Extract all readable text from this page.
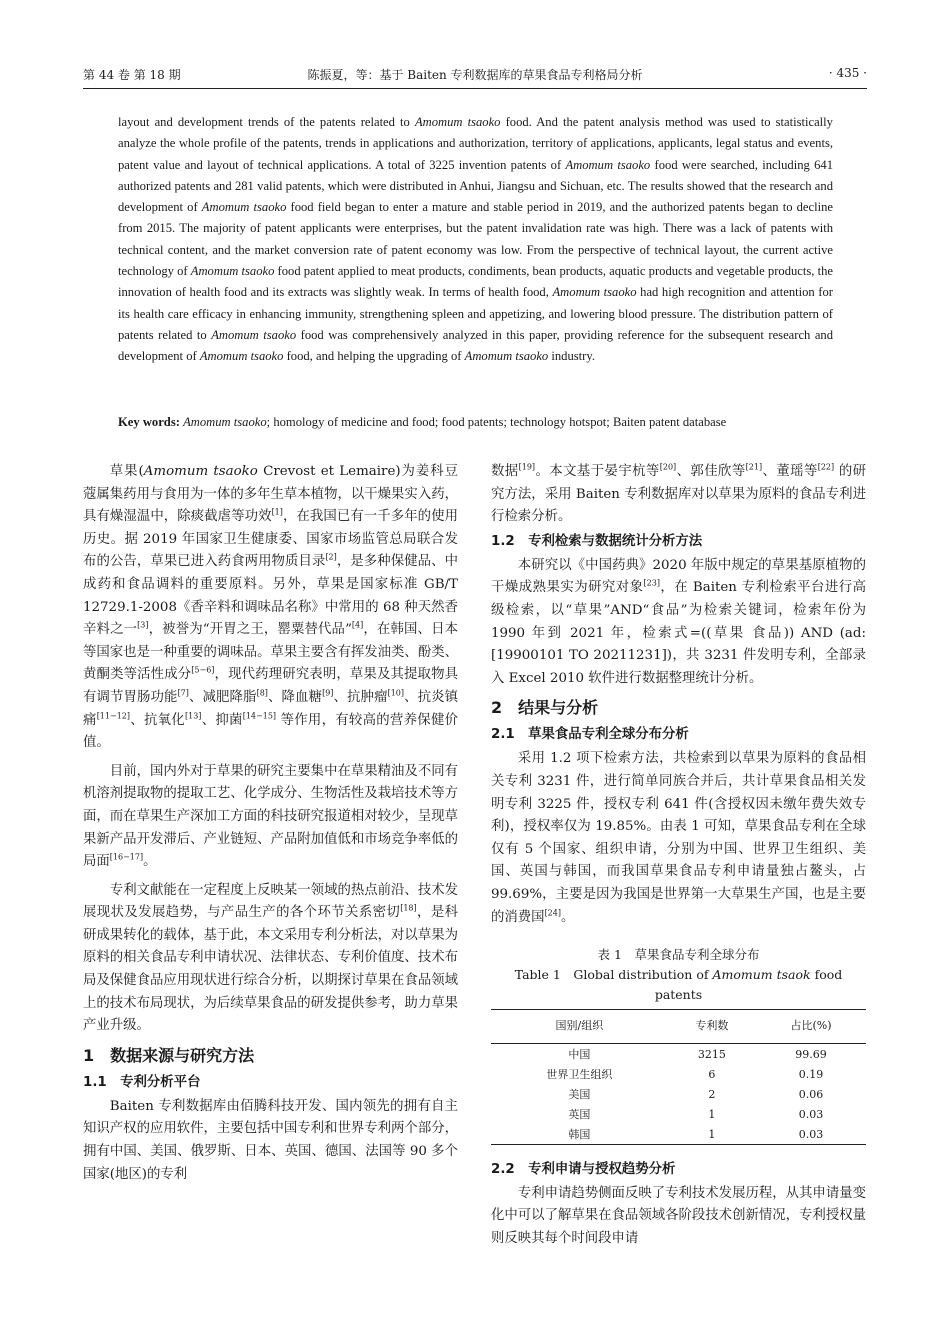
第 44 卷 第 18 期	陈振夏，等：基于 Baiten 专利数据库的草果食品专利格局分析	· 435 ·

layout and development trends of the patents related to Amomum tsaoko food. And the patent analysis method was used to statistically analyze the whole profile of the patents, trends in applications and authorization, territory of applications, applicants, legal status and events, patent value and layout of technical applications. A total of 3225 invention patents of Amomum tsaoko food were searched, including 641 authorized patents and 281 valid patents, which were distributed in Anhui, Jiangsu and Sichuan, etc. The results showed that the research and development of Amomum tsaoko food field began to enter a mature and stable period in 2019, and the authorized patents began to decline from 2015. The majority of patent applicants were enterprises, but the patent invalidation rate was high. There was a lack of patents with technical content, and the market conversion rate of patent economy was low. From the perspective of technical layout, the current active technology of Amomum tsaoko food patent applied to meat products, condiments, bean products, aquatic products and vegetable products, the innovation of health food and its extracts was slightly weak. In terms of health food, Amomum tsaoko had high recognition and attention for its health care efficacy in enhancing immunity, strengthening spleen and appetizing, and lowering blood pressure. The distribution pattern of patents related to Amomum tsaoko food was comprehensively analyzed in this paper, providing reference for the subsequent research and development of Amomum tsaoko food, and helping the upgrading of Amomum tsaoko industry.

Key words: Amomum tsaoko; homology of medicine and food; food patents; technology hotspot; Baiten patent database

草果(Amomum tsaoko Crevost et Lemaire)为姜科豆蔻属集药用与食用为一体的多年生草本植物，以干燥果实入药，具有燥湿温中，除痰截虐等功效[1]，在我国已有一千多年的使用历史。据 2019 年国家卫生健康委、国家市场监管总局联合发布的公告，草果已进入药食两用物质目录[2]，是多种保健品、中成药和食品调料的重要原料。另外，草果是国家标准 GB/T 12729.1-2008《香辛料和调味品名称》中常用的 68 种天然香辛料之一[3]，被誉为“开胃之王，罂粟替代品”[4]，在韩国、日本等国家也是一种重要的调味品。草果主要含有挥发油类、酚类、黄酮类等活性成分[5−6]，现代药理研究表明，草果及其提取物具有调节胃肠功能[7]、减肥降脂[8]、降血糖[9]、抗肿瘤[10]、抗炎镇痛[11−12]、抗氧化[13]、抑菌[14−15] 等作用，有较高的营养保健价值。

目前，国内外对于草果的研究主要集中在草果精油及不同有机溶剂提取物的提取工艺、化学成分、生物活性及栽培技术等方面，而在草果生产深加工方面的科技研究报道相对较少，呈现草果新产品开发滞后、产业链短、产品附加值低和市场竞争率低的局面[16−17]。

专利文献能在一定程度上反映某一领域的热点前沿、技术发展现状及发展趋势，与产品生产的各个环节关系密切[18]，是科研成果转化的载体，基于此，本文采用专利分析法，对以草果为原料的相关食品专利申请状况、法律状态、专利价值度、技术布局及保健食品应用现状进行综合分析，以期探讨草果在食品领域上的技术布局现状，为后续草果食品的研发提供参考，助力草果产业升级。

1　数据来源与研究方法
1.1　专利分析平台

Baiten 专利数据库由佰腾科技开发、国内领先的拥有自主知识产权的应用软件，主要包括中国专利和世界专利两个部分，拥有中国、美国、俄罗斯、日本、英国、德国、法国等 90 多个国家(地区)的专利

数据[19]。本文基于晏宇杭等[20]、郭佳欣等[21]、董瑶等[22] 的研究方法，采用 Baiten 专利数据库对以草果为原料的食品专利进行检索分析。

1.2　专利检索与数据统计分析方法

本研究以《中国药典》2020 年版中规定的草果基原植物的干燥成熟果实为研究对象[23]，在 Baiten 专利检索平台进行高级检索，以“草果”AND“食品”为检索关键词，检索年份为 1990 年到 2021 年，检索式=((草果 食品)) AND (ad:[19900101 TO 20211231])，共 3231 件发明专利，全部录入 Excel 2010 软件进行数据整理统计分析。

2　结果与分析
2.1　草果食品专利全球分布分析

采用 1.2 项下检索方法，共检索到以草果为原料的食品相关专利 3231 件，进行简单同族合并后，共计草果食品相关发明专利 3225 件，授权专利 641 件(含授权因未缴年费失效专利)，授权率仅为 19.85%。由表 1 可知，草果食品专利在全球仅有 5 个国家、组织申请，分别为中国、世界卫生组织、美国、英国与韩国，而我国草果食品专利申请量独占鳌头，占 99.69%，主要是因为我国是世界第一大草果生产国，也是主要的消费国[24]。

表 1　草果食品专利全球分布
Table 1　Global distribution of Amomum tsaok food patents
国别/组织	专利数	占比(%)
中国	3215	99.69
世界卫生组织	6	0.19
美国	2	0.06
英国	1	0.03
韩国	1	0.03
2.2　专利申请与授权趋势分析

专利申请趋势侧面反映了专利技术发展历程，从其申请量变化中可以了解草果在食品领域各阶段技术创新情况，专利授权量则反映其每个时间段申请
